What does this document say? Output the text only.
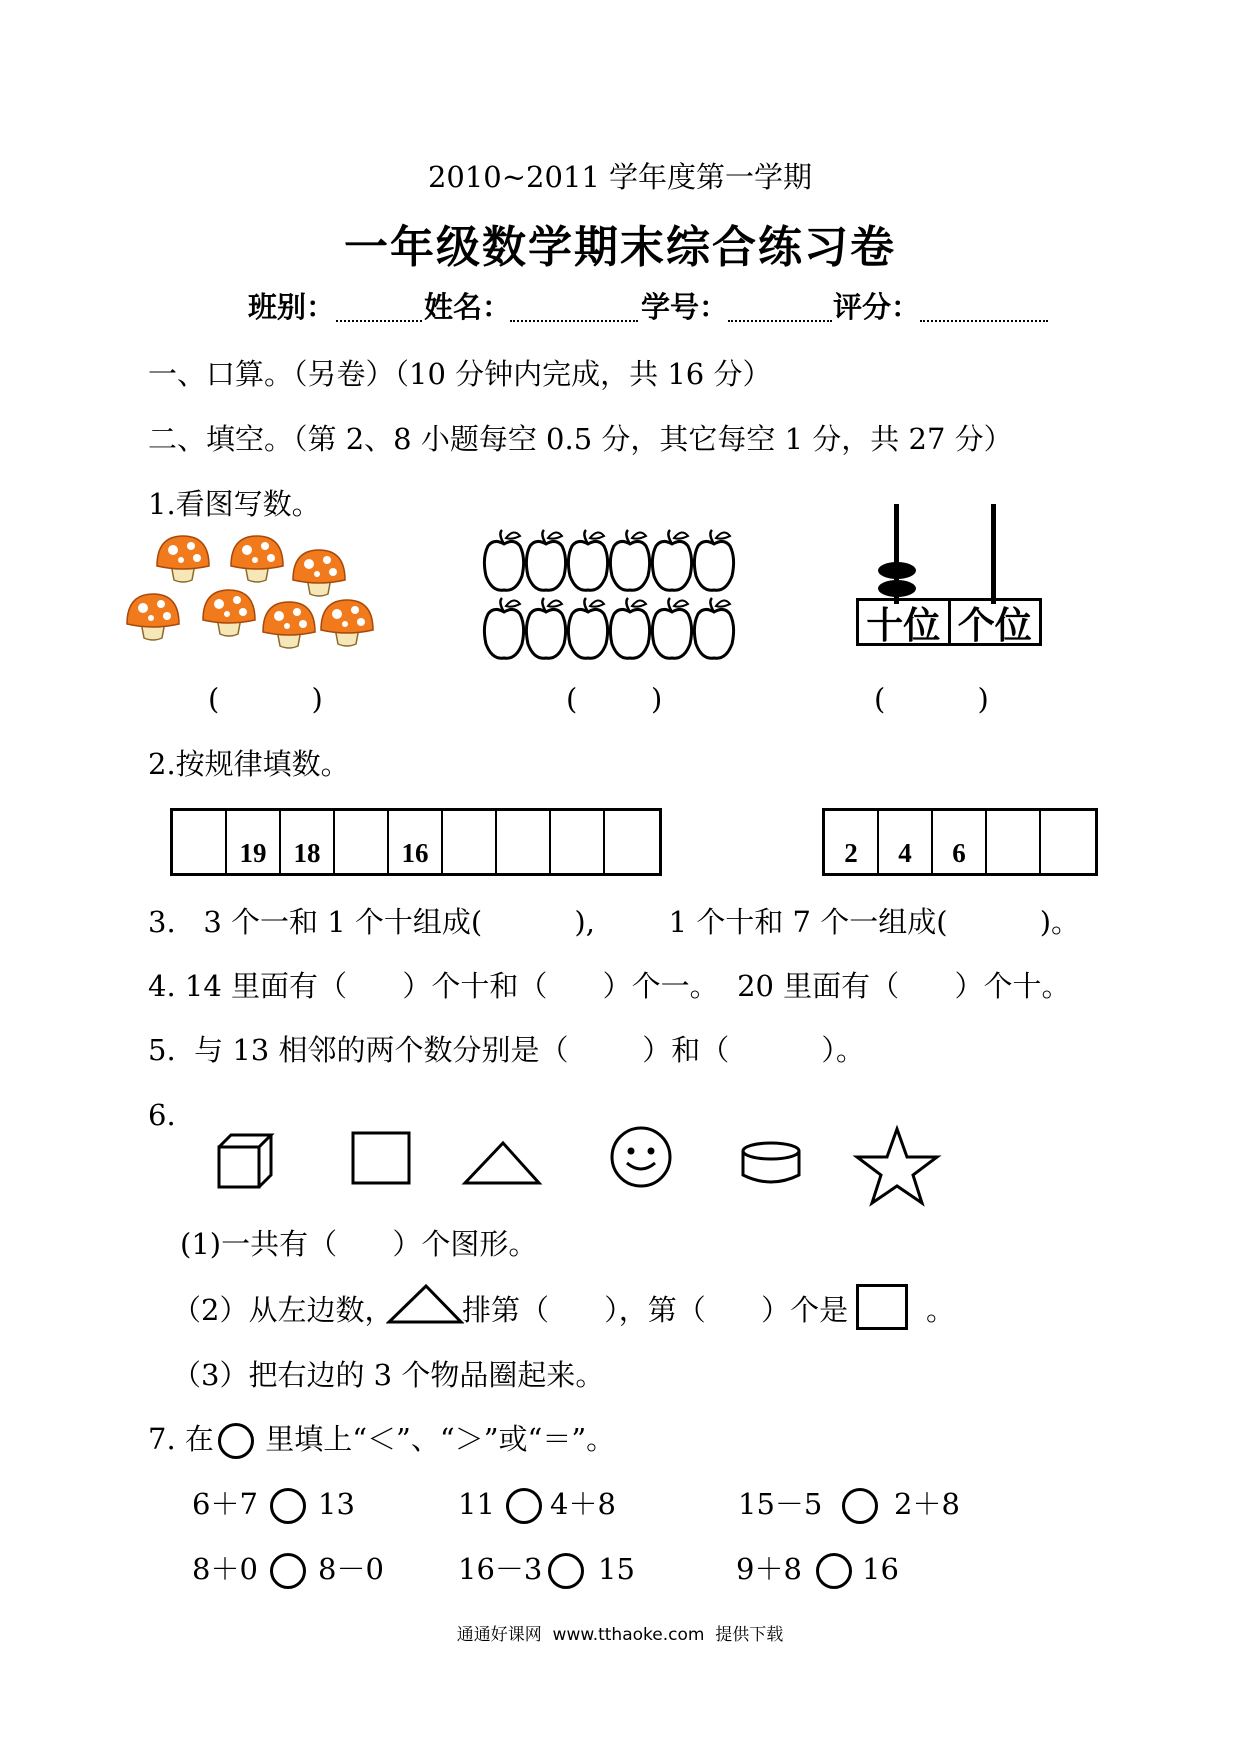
2010~2011 学年度第一学期
一年级数学期末综合练习卷
班别：	姓名：	学号：	评分：
一、口算。（另卷）（10 分钟内完成，共 16 分）
二、填空。（第 2、8 小题每空 0.5 分，其它每空 1 分，共 27 分）
1.看图写数。
十位 个位
(          )	(        )	(          )
2.按规律填数。
19	18	16	2	4	6
3.   3 个一和 1 个十组成(          ),        1 个十和 7 个一组成(          )。
4. 14 里面有（      ）个十和（      ）个一。  20 里面有（      ）个十。
5.  与 13 相邻的两个数分别是（        ）和（          ）。
6.
(1)一共有（      ）个图形。
（2）从左边数， 排第（      ），第（      ）个是	。
（3）把右边的 3 个物品圈起来。
7. 在 里填上“＜”、“＞”或“＝”。
6＋7 13	11 4＋8	15－5 2＋8
8＋0 8－0	16－3 15	9＋8 16
通通好课网  www.tthaoke.com  提供下载
